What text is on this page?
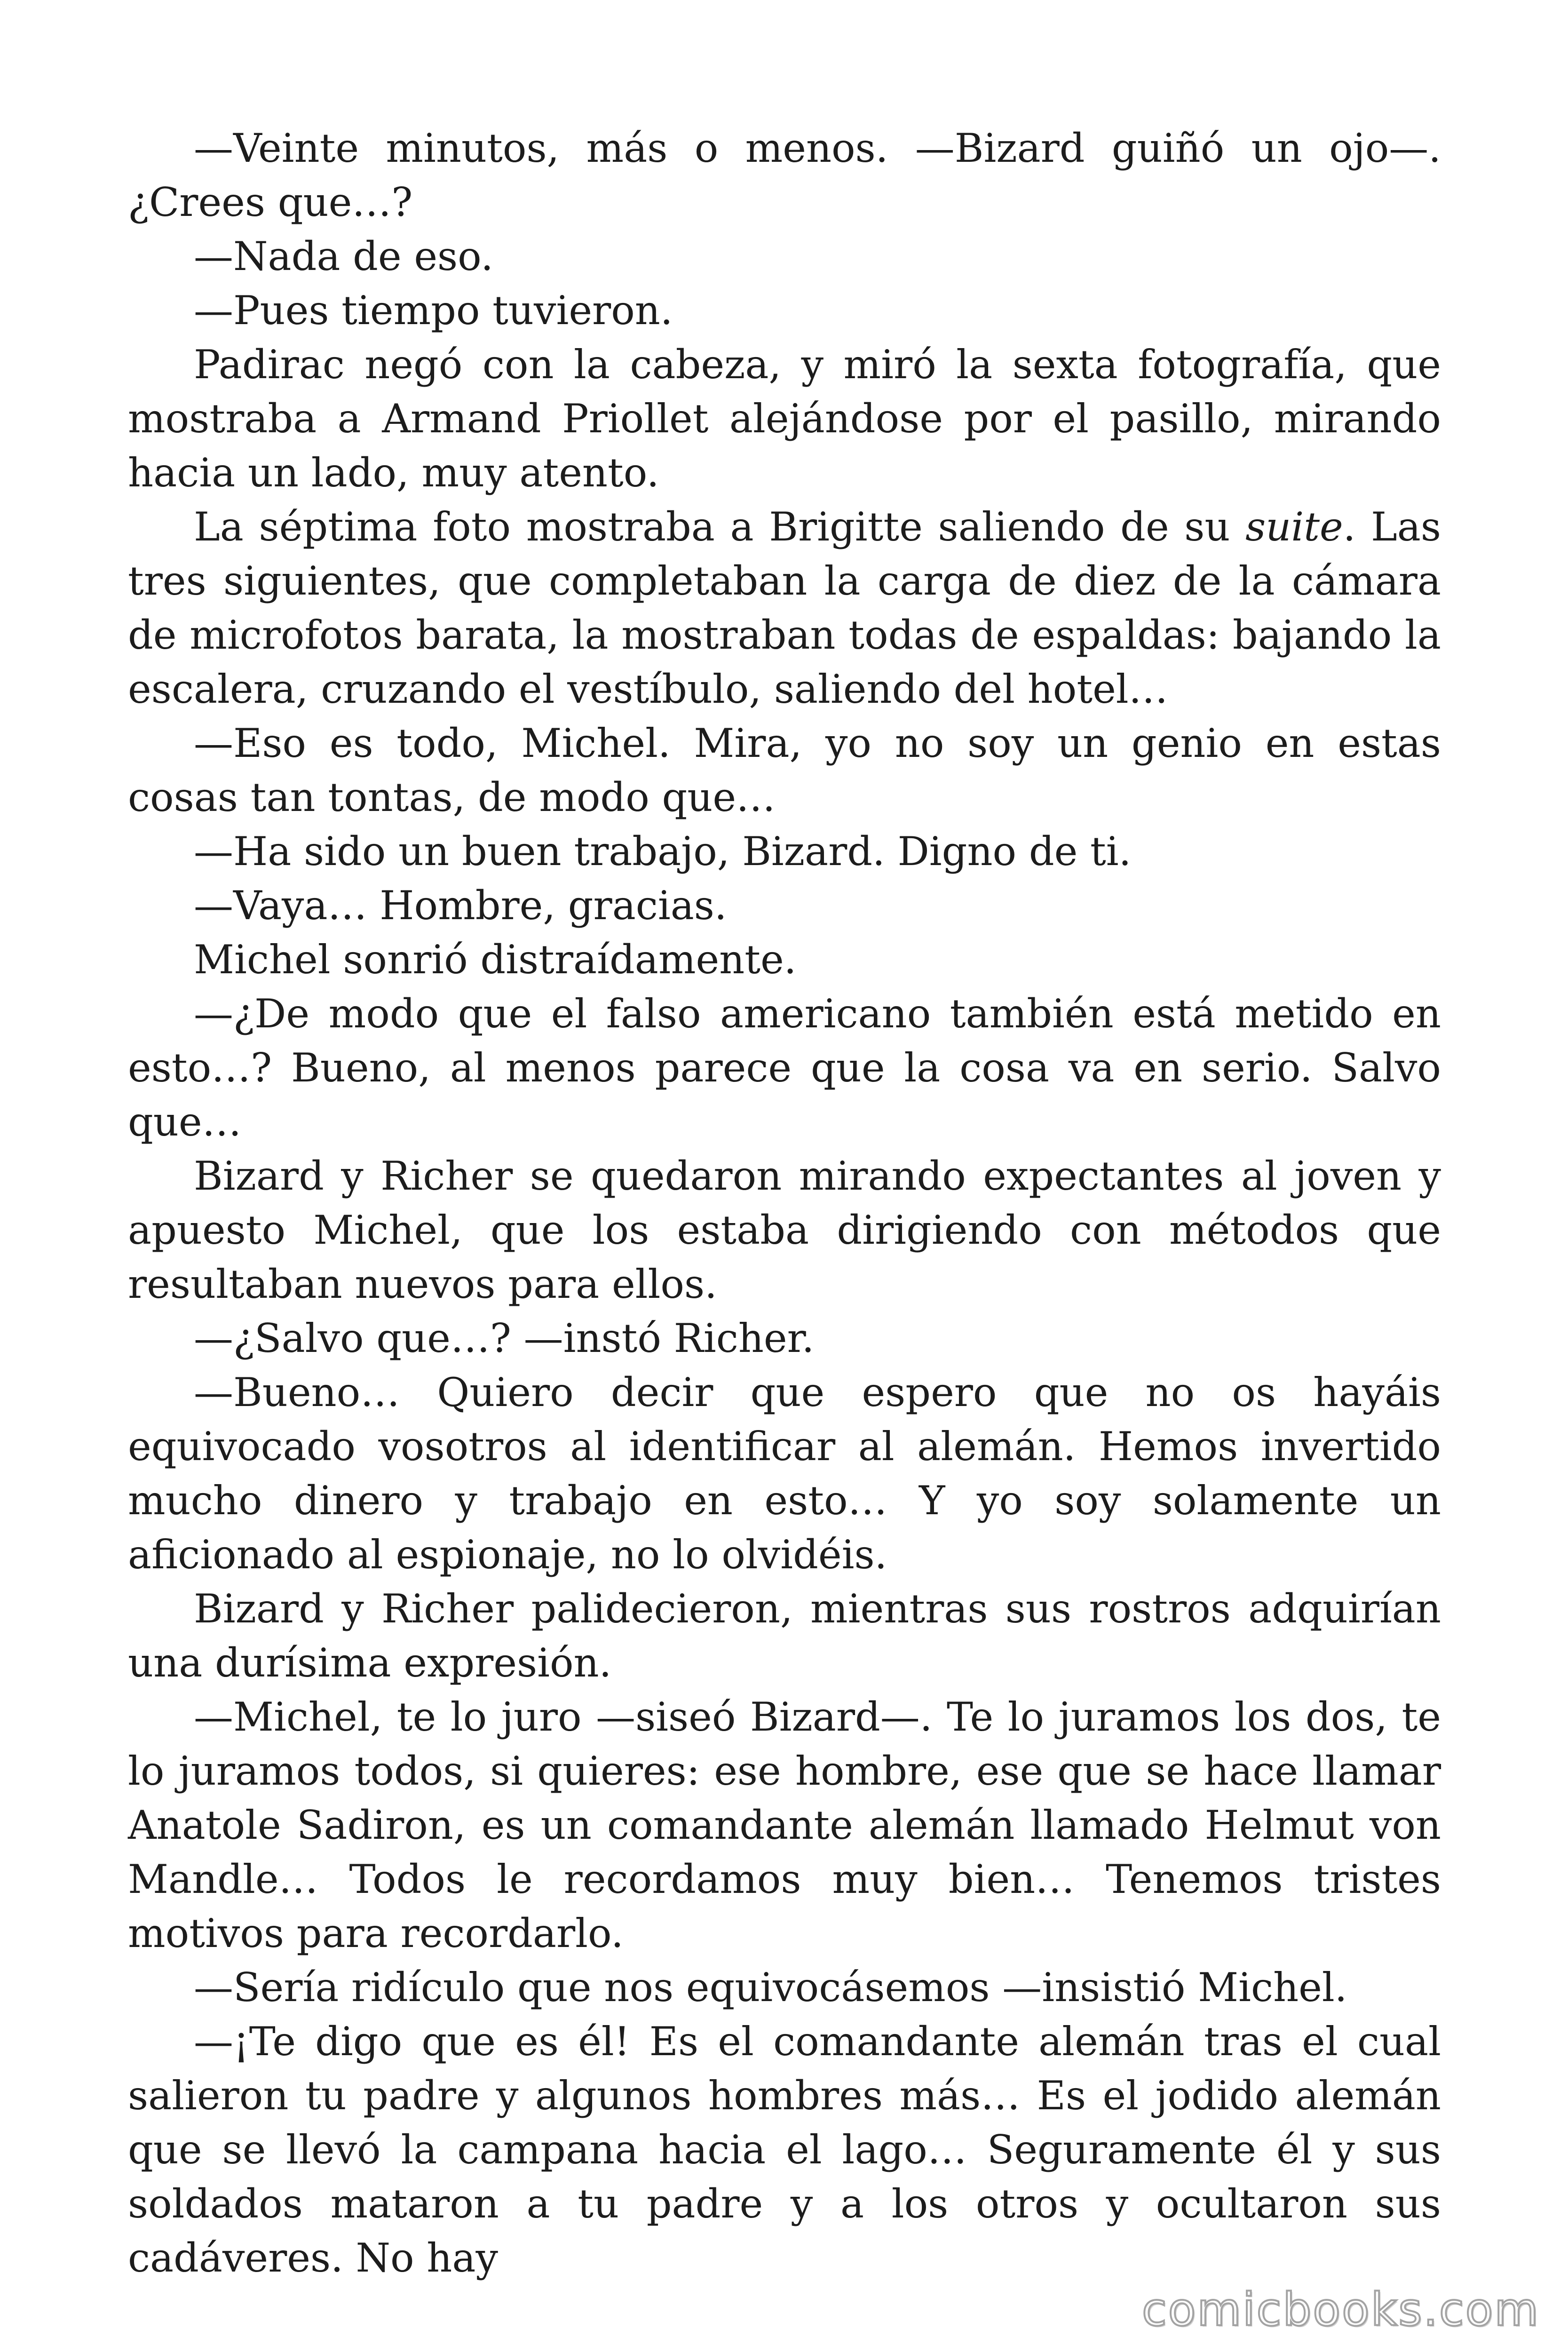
—Veinte minutos, más o menos. —Bizard guiñó un ojo—. ¿Crees que…?

—Nada de eso.

—Pues tiempo tuvieron.

Padirac negó con la cabeza, y miró la sexta fotografía, que mostraba a Armand Priollet alejándose por el pasillo, mirando hacia un lado, muy atento.

La séptima foto mostraba a Brigitte saliendo de su suite. Las tres siguientes, que completaban la carga de diez de la cámara de microfotos barata, la mostraban todas de espaldas: bajando la escalera, cruzando el vestíbulo, saliendo del hotel…

—Eso es todo, Michel. Mira, yo no soy un genio en estas cosas tan tontas, de modo que…

—Ha sido un buen trabajo, Bizard. Digno de ti.

—Vaya… Hombre, gracias.

Michel sonrió distraídamente.

—¿De modo que el falso americano también está metido en esto…? Bueno, al menos parece que la cosa va en serio. Salvo que…

Bizard y Richer se quedaron mirando expectantes al joven y apuesto Michel, que los estaba dirigiendo con métodos que resultaban nuevos para ellos.

—¿Salvo que…? —instó Richer.

—Bueno… Quiero decir que espero que no os hayáis equivocado vosotros al identificar al alemán. Hemos invertido mucho dinero y trabajo en esto… Y yo soy solamente un aficionado al espionaje, no lo olvidéis.

Bizard y Richer palidecieron, mientras sus rostros adquirían una durísima expresión.

—Michel, te lo juro —siseó Bizard—. Te lo juramos los dos, te lo juramos todos, si quieres: ese hombre, ese que se hace llamar Anatole Sadiron, es un comandante alemán llamado Helmut von Mandle… Todos le recordamos muy bien… Tenemos tristes motivos para recordarlo.

—Sería ridículo que nos equivocásemos —insistió Michel.

—¡Te digo que es él! Es el comandante alemán tras el cual salieron tu padre y algunos hombres más… Es el jodido alemán que se llevó la campana hacia el lago… Seguramente él y sus soldados mataron a tu padre y a los otros y ocultaron sus cadáveres. No hay

comicbooks.com
